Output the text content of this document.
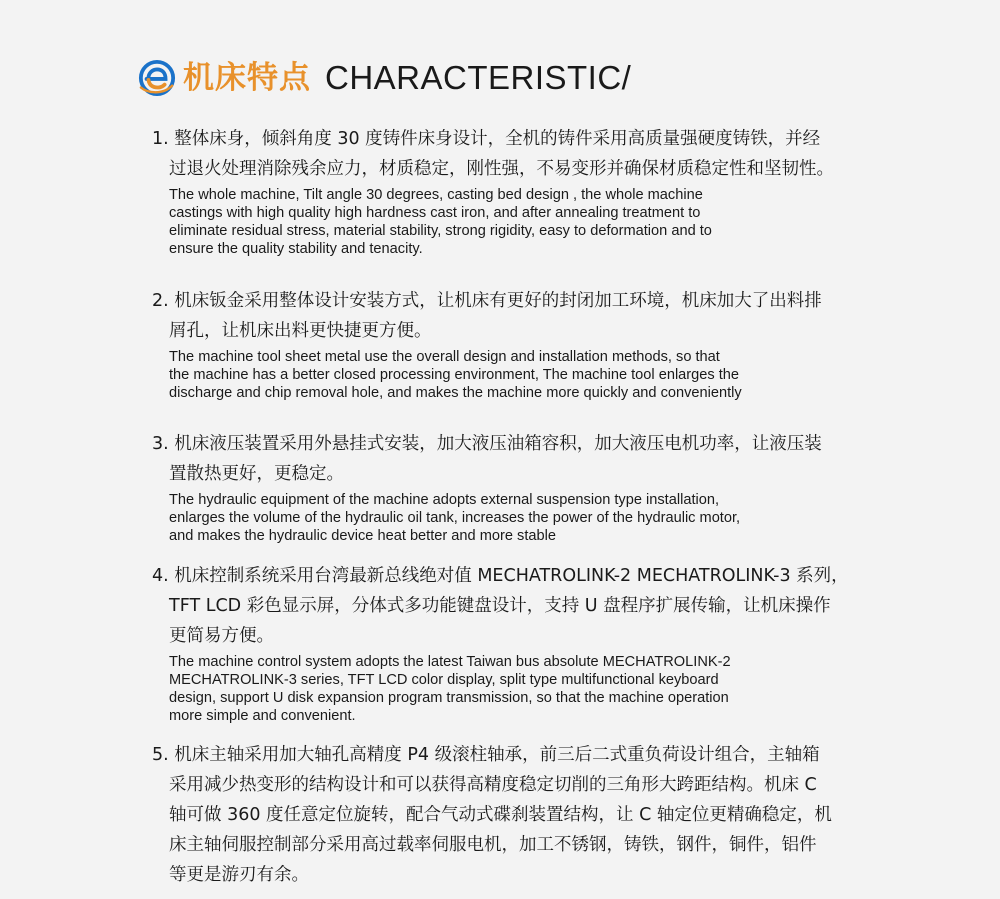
机床特点 CHARACTERISTIC/
1. 整体床身，倾斜角度 30 度铸件床身设计，全机的铸件采用高质量强硬度铸铁，并经
过退火处理消除残余应力，材质稳定，刚性强，不易变形并确保材质稳定性和坚韧性。
The whole machine, Tilt angle 30 degrees, casting bed design , the whole machine
castings with high quality high hardness cast iron, and after annealing treatment to
eliminate residual stress, material stability, strong rigidity, easy to deformation and to
ensure the quality stability and tenacity.
2. 机床钣金采用整体设计安装方式，让机床有更好的封闭加工环境，机床加大了出料排
屑孔，让机床出料更快捷更方便。
The machine tool sheet metal use the overall design and installation methods, so that
the machine has a better closed processing environment, The machine tool enlarges the
discharge and chip removal hole, and makes the machine more quickly and conveniently
3. 机床液压装置采用外悬挂式安装，加大液压油箱容积，加大液压电机功率，让液压装
置散热更好，更稳定。
The hydraulic equipment of the machine adopts external suspension type installation,
enlarges the volume of the hydraulic oil tank, increases the power of the hydraulic motor,
and makes the hydraulic device heat better and more stable
4. 机床控制系统采用台湾最新总线绝对值 MECHATROLINK-2 MECHATROLINK-3 系列，
TFT LCD 彩色显示屏，分体式多功能键盘设计，支持 U 盘程序扩展传输，让机床操作
更简易方便。
The machine control system adopts the latest Taiwan bus absolute MECHATROLINK-2
MECHATROLINK-3 series, TFT LCD color display, split type multifunctional keyboard
design, support U disk expansion program transmission, so that the machine operation
more simple and convenient.
5. 机床主轴采用加大轴孔高精度 P4 级滚柱轴承，前三后二式重负荷设计组合，主轴箱
采用减少热变形的结构设计和可以获得高精度稳定切削的三角形大跨距结构。机床 C
轴可做 360 度任意定位旋转，配合气动式碟刹装置结构，让 C 轴定位更精确稳定，机
床主轴伺服控制部分采用高过载率伺服电机，加工不锈钢，铸铁，钢件，铜件，铝件
等更是游刃有余。
